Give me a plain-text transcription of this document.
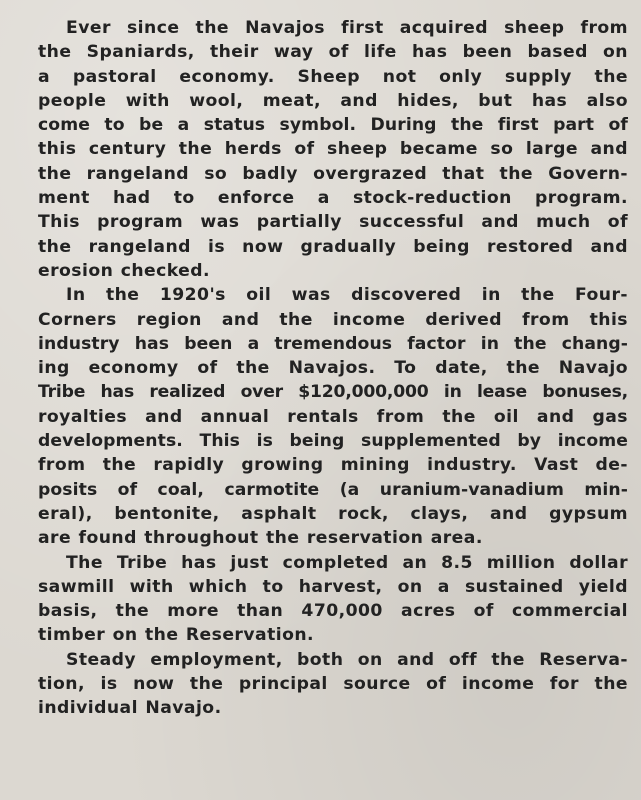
Ever since the Navajos first acquired sheep from
the Spaniards, their way of life has been based on
a pastoral economy. Sheep not only supply the
people with wool, meat, and hides, but has also
come to be a status symbol. During the first part of
this century the herds of sheep became so large and
the rangeland so badly overgrazed that the Govern-
ment had to enforce a stock-reduction program.
This program was partially successful and much of
the rangeland is now gradually being restored and
erosion checked.
In the 1920's oil was discovered in the Four-
Corners region and the income derived from this
industry has been a tremendous factor in the chang-
ing economy of the Navajos. To date, the Navajo
Tribe has realized over $120,000,000 in lease bonuses,
royalties and annual rentals from the oil and gas
developments. This is being supplemented by income
from the rapidly growing mining industry. Vast de-
posits of coal, carmotite (a uranium-vanadium min-
eral), bentonite, asphalt rock, clays, and gypsum
are found throughout the reservation area.
The Tribe has just completed an 8.5 million dollar
sawmill with which to harvest, on a sustained yield
basis, the more than 470,000 acres of commercial
timber on the Reservation.
Steady employment, both on and off the Reserva-
tion, is now the principal source of income for the
individual Navajo.
